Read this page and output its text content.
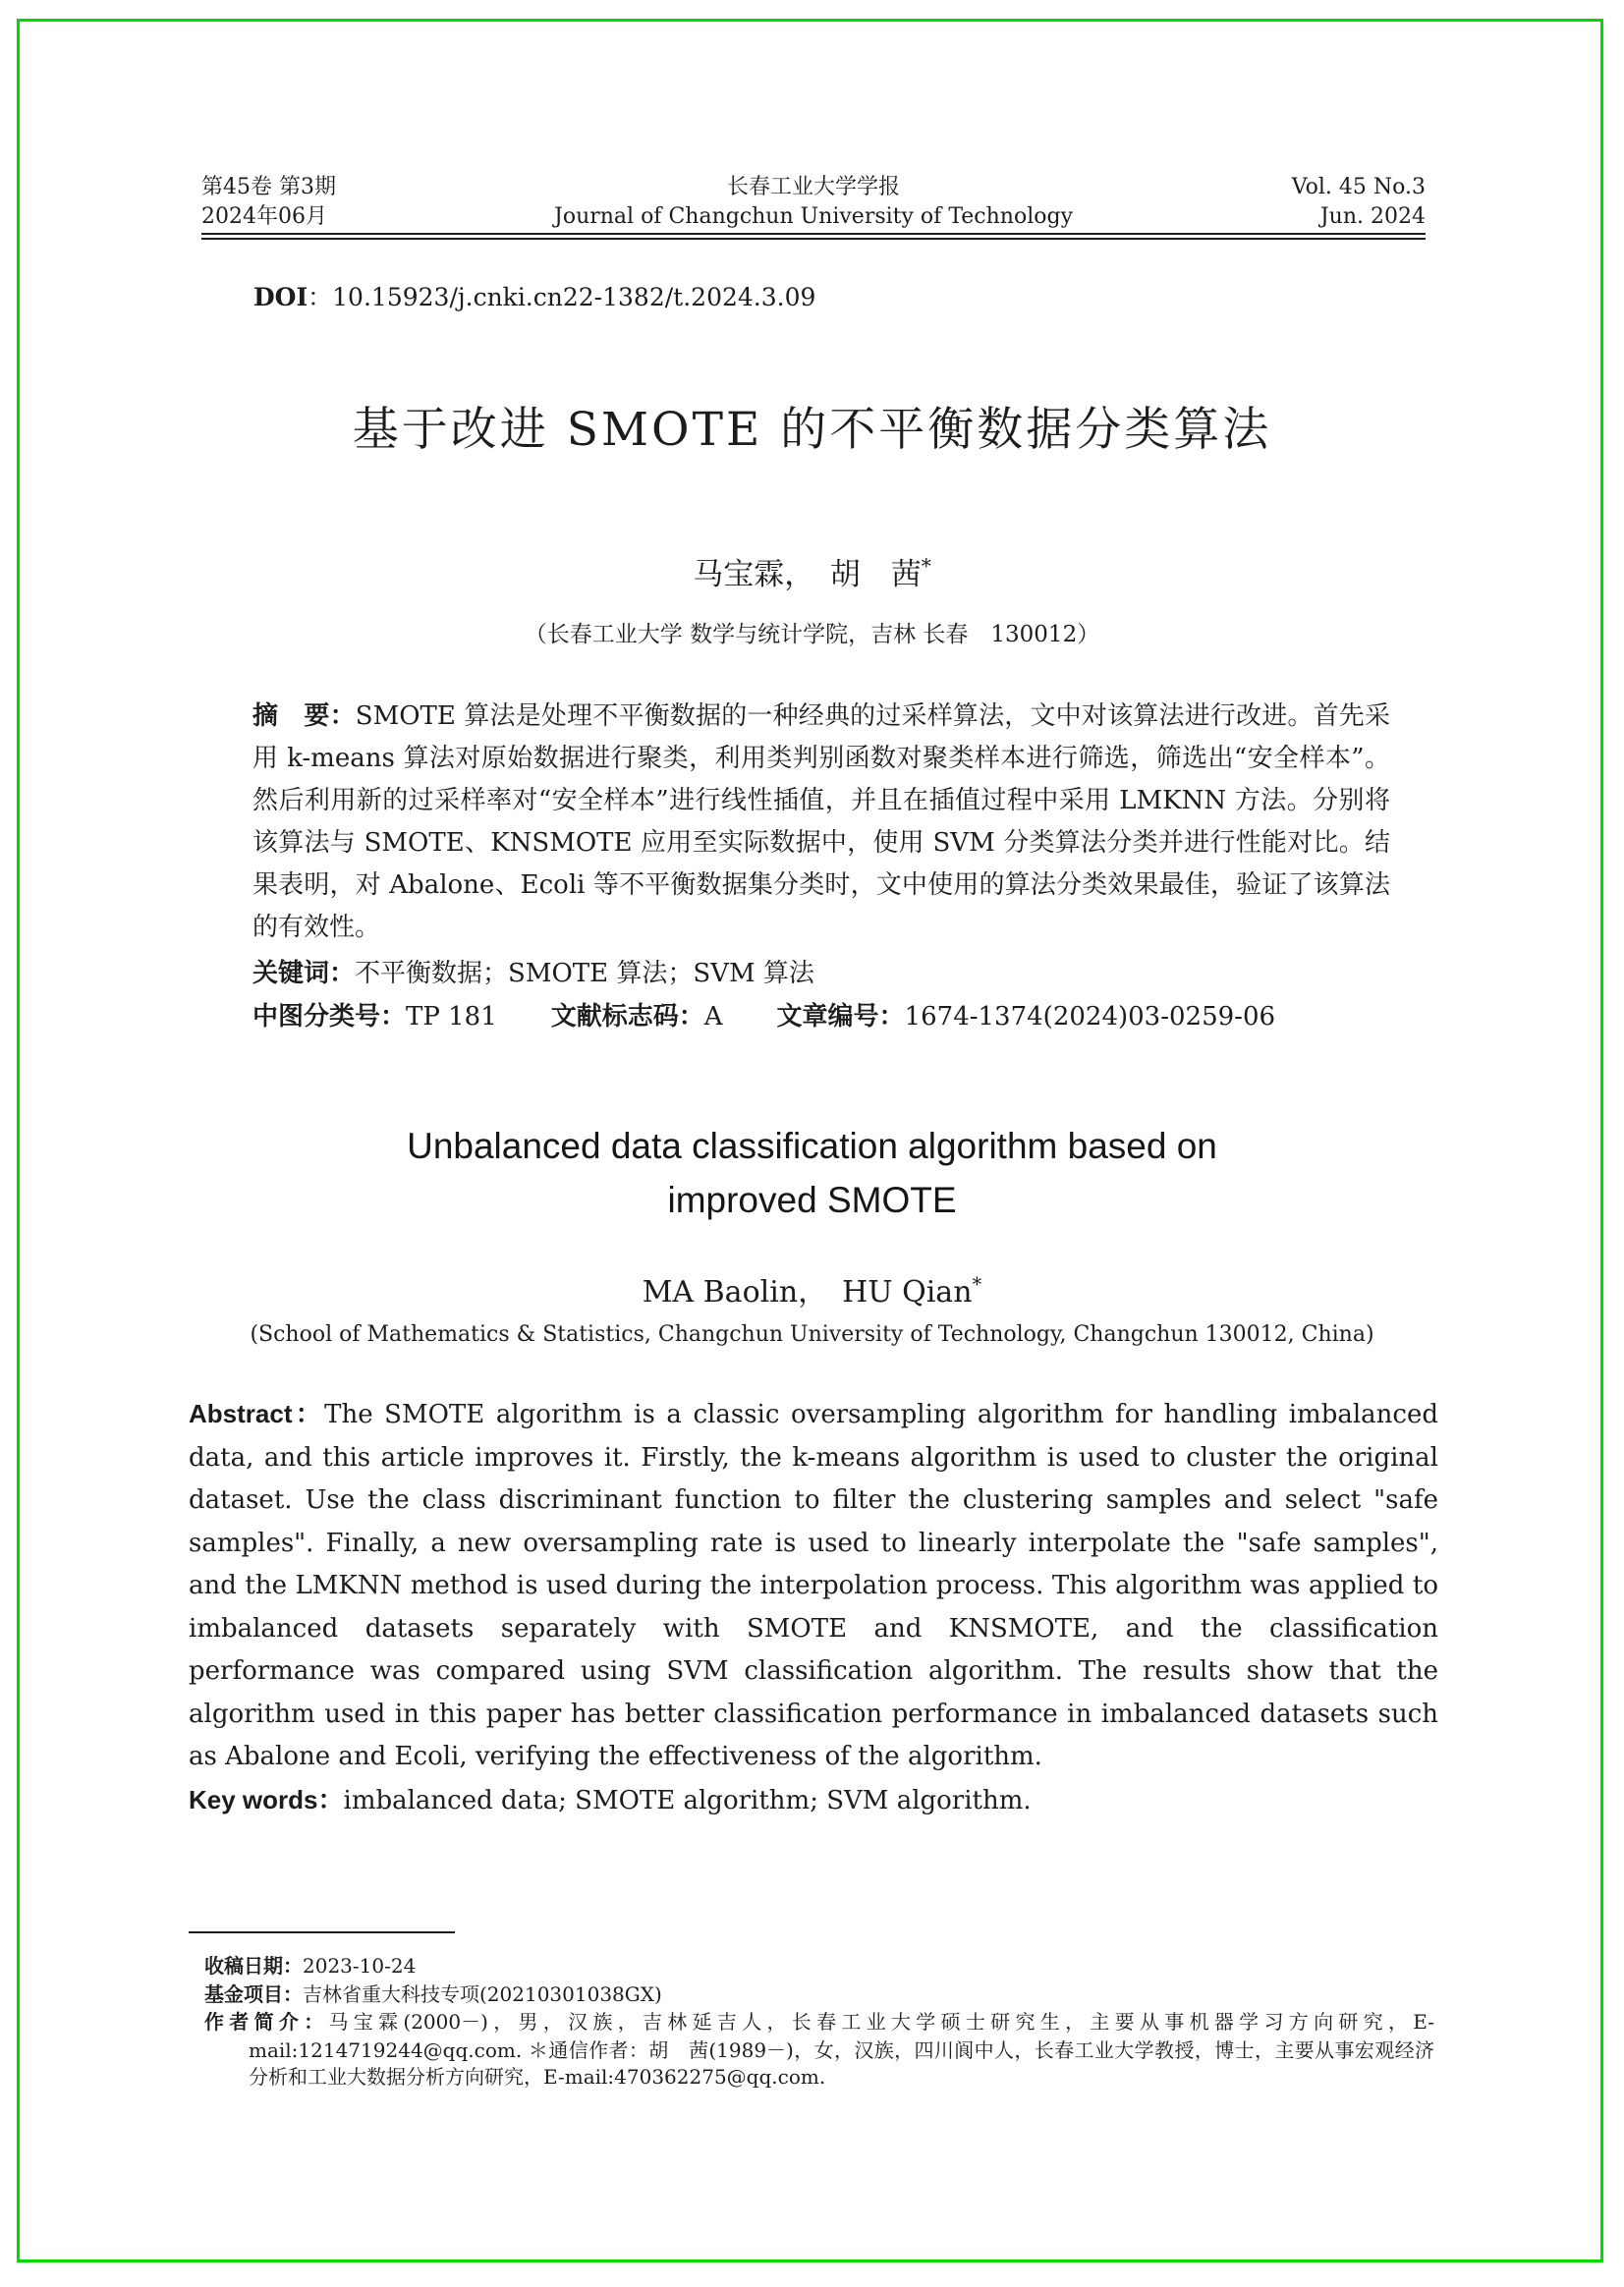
第45卷 第3期
2024年06月
长春工业大学学报
Journal of Changchun University of Technology
Vol. 45 No.3
Jun. 2024
DOI：10.15923/j.cnki.cn22-1382/t.2024.3.09
基于改进 SMOTE 的不平衡数据分类算法
马宝霖，　胡　茜*
（长春工业大学 数学与统计学院，吉林 长春　130012）

摘　要：SMOTE 算法是处理不平衡数据的一种经典的过采样算法，文中对该算法进行改进。首先采用 k-means 算法对原始数据进行聚类，利用类判别函数对聚类样本进行筛选，筛选出“安全样本”。然后利用新的过采样率对“安全样本”进行线性插值，并且在插值过程中采用 LMKNN 方法。分别将该算法与 SMOTE、KNSMOTE 应用至实际数据中，使用 SVM 分类算法分类并进行性能对比。结果表明，对 Abalone、Ecoli 等不平衡数据集分类时，文中使用的算法分类效果最佳，验证了该算法的有效性。

关键词：不平衡数据；SMOTE 算法；SVM 算法

中图分类号：TP 181 文献标志码：A 文章编号：1674-1374(2024)03-0259-06

Unbalanced data classification algorithm based on
improved SMOTE
MA Baolin，　HU Qian*
(School of Mathematics & Statistics, Changchun University of Technology, Changchun 130012, China)

Abstract：The SMOTE algorithm is a classic oversampling algorithm for handling imbalanced data, and this article improves it. Firstly, the k-means algorithm is used to cluster the original dataset. Use the class discriminant function to filter the clustering samples and select "safe samples". Finally, a new oversampling rate is used to linearly interpolate the "safe samples", and the LMKNN method is used during the interpolation process. This algorithm was applied to imbalanced datasets separately with SMOTE and KNSMOTE, and the classification performance was compared using SVM classification algorithm. The results show that the algorithm used in this paper has better classification performance in imbalanced datasets such as Abalone and Ecoli, verifying the effectiveness of the algorithm.

Key words：imbalanced data; SMOTE algorithm; SVM algorithm.

收稿日期：2023-10-24

基金项目：吉林省重大科技专项(20210301038GX)

作者简介：马宝霖(2000－)，男，汉族，吉林延吉人，长春工业大学硕士研究生，主要从事机器学习方向研究，E-mail:1214719244@qq.com. ＊通信作者：胡　茜(1989－)，女，汉族，四川阆中人，长春工业大学教授，博士，主要从事宏观经济分析和工业大数据分析方向研究，E-mail:470362275@qq.com.
